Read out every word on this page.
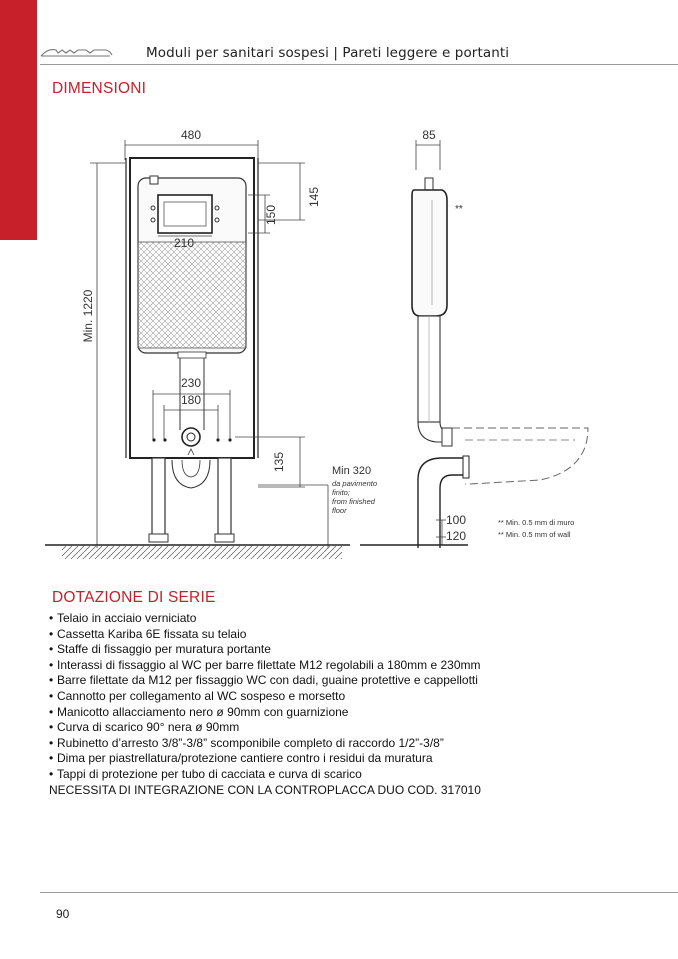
Moduli per sanitari sospesi | Pareti leggere e portanti
DIMENSIONI
480
145
150
210
Min. 1220
230
180
135	Min 320
da pavimento
finito;
from finished
floor
85
**
100
120
** Min. 0.5 mm di muro
** Min. 0.5 mm of wall
DOTAZIONE DI SERIE
• Telaio in acciaio verniciato
• Cassetta Kariba 6E fissata su telaio
• Staffe di fissaggio per muratura portante
• Interassi di fissaggio al WC per barre filettate M12 regolabili a 180mm e 230mm
• Barre filettate da M12 per fissaggio WC con dadi, guaine protettive e cappellotti
• Cannotto per collegamento al WC sospeso e morsetto
• Manicotto allacciamento nero ø 90mm con guarnizione
• Curva di scarico 90° nera ø 90mm
• Rubinetto d’arresto 3/8”-3/8” scomponibile completo di raccordo 1/2”-3/8”
• Dima per piastrellatura/protezione cantiere contro i residui da muratura
• Tappi di protezione per tubo di cacciata e curva di scarico
NECESSITA DI INTEGRAZIONE CON LA CONTROPLACCA DUO COD. 317010
90
